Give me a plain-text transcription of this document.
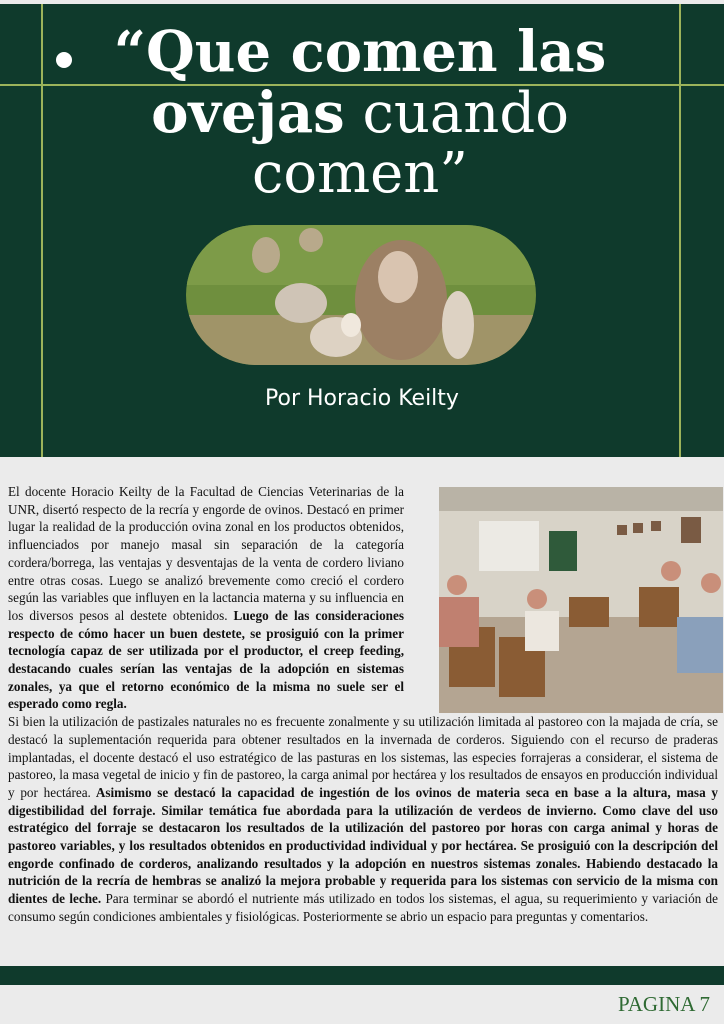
“Que comen las
ovejas cuando
comen”
Por Horacio Keilty
El docente Horacio Keilty de la Facultad de Ciencias Veterinarias de la UNR, disertó respecto de la recría y engorde de ovinos. Destacó en primer lugar la realidad de la producción ovina zonal en los productos obtenidos, influenciados por manejo masal sin separación de la categoría cordera/borrega, las ventajas y desventajas de la venta de cordero liviano entre otras cosas. Luego se analizó brevemente como creció el cordero según las variables que influyen en la lactancia materna y su influencia en los diversos pesos al destete obtenidos. Luego de las consideraciones respecto de cómo hacer un buen destete, se prosiguió con la primer tecnología capaz de ser utilizada por el productor, el creep feeding, destacando cuales serían las ventajas de la adopción en sistemas zonales, ya que el retorno económico de la misma no suele ser el esperado como regla.
Si bien la utilización de pastizales naturales no es frecuente zonalmente y su utilización limitada al pastoreo con la majada de cría, se destacó la suplementación requerida para obtener resultados en la invernada de corderos. Siguiendo con el recurso de praderas implantadas, el docente destacó el uso estratégico de las pasturas en los sistemas, las especies forrajeras a considerar, el sistema de pastoreo, la masa vegetal de inicio y fin de pastoreo, la carga animal por hectárea y los resultados de ensayos en producción individual y por hectárea. Asimismo se destacó la capacidad de ingestión de los ovinos de materia seca en base a la altura, masa y digestibilidad del forraje. Similar temática fue abordada para la utilización de verdeos de invierno. Como clave del uso estratégico del forraje se destacaron los resultados de la utilización del pastoreo por horas con carga animal y horas de pastoreo variables, y los resultados obtenidos en productividad individual y por hectárea. Se prosiguió con la descripción del engorde confinado de corderos, analizando resultados y la adopción en nuestros sistemas zonales. Habiendo destacado la nutrición de la recría de hembras se analizó la mejora probable y requerida para los sistemas con servicio de la misma con dientes de leche. Para terminar se abordó el nutriente más utilizado en todos los sistemas, el agua, su requerimiento y variación de consumo según condiciones ambientales y fisiológicas. Posteriormente se abrio un espacio para preguntas y comentarios.
PAGINA 7
